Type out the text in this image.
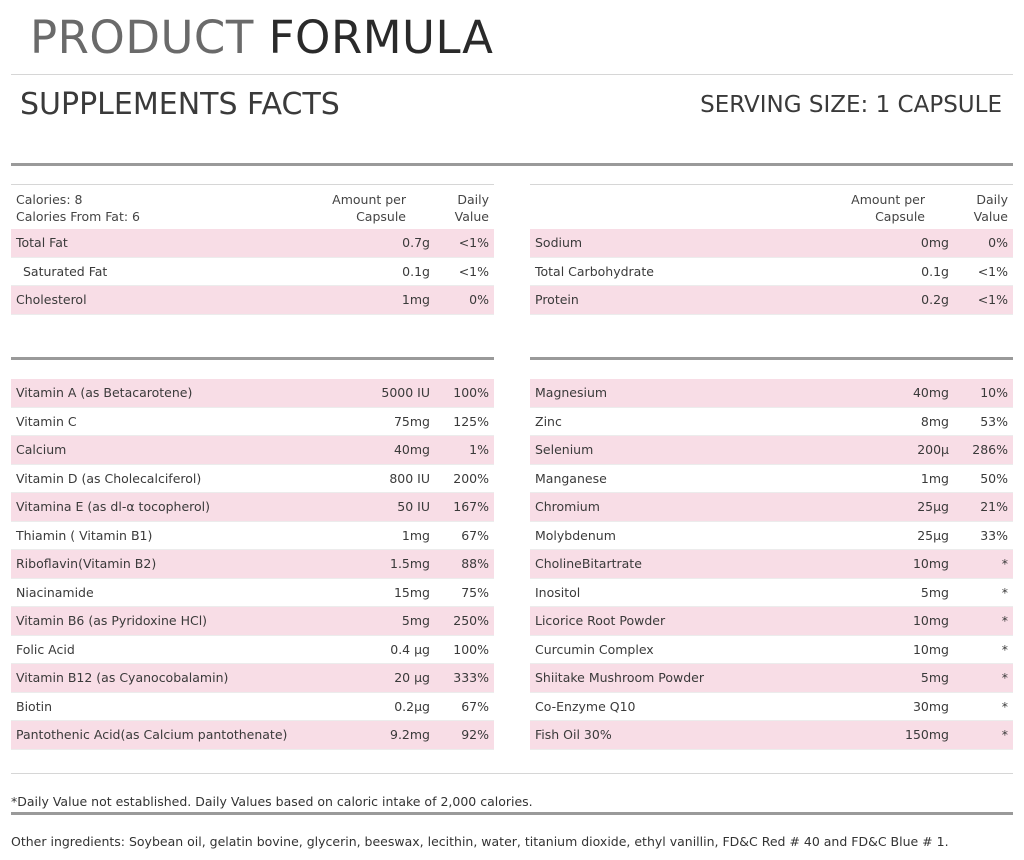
PRODUCT FORMULA
SUPPLEMENTS FACTS	SERVING SIZE: 1 CAPSULE
Calories: 8
Calories From Fat: 6
Amount per
Capsule
Daily
Value
Total Fat	0.7g <1%
Saturated Fat	0.1g <1%
Cholesterol	1mg	0%
Amount per
Capsule
Daily
Value
Sodium	0mg	0%
Total Carbohydrate	0.1g <1%
Protein	0.2g <1%
Vitamin A (as Betacarotene)	5000 IU 100%
Vitamin C	75mg 125%
Calcium	40mg	1%
Vitamin D (as Cholecalciferol)	800 IU 200%
Vitamina E (as dl-α tocopherol)	50 IU 167%
Thiamin ( Vitamin B1)	1mg 67%
Riboflavin(Vitamin B2)	1.5mg 88%
Niacinamide	15mg 75%
Vitamin B6 (as Pyridoxine HCl)	5mg 250%
Folic Acid	0.4 µg 100%
Vitamin B12 (as Cyanocobalamin)	20 µg 333%
Biotin	0.2µg 67%
Pantothenic Acid(as Calcium pantothenate)	9.2mg 92%
Magnesium	40mg 10%
Zinc	8mg 53%
Selenium	200µ 286%
Manganese	1mg 50%
Chromium	25µg 21%
Molybdenum	25µg 33%
CholineBitartrate	10mg	*
Inositol	5mg	*
Licorice Root Powder	10mg	*
Curcumin Complex	10mg	*
Shiitake Mushroom Powder	5mg	*
Co-Enzyme Q10	30mg	*
Fish Oil 30%	150mg	*
*Daily Value not established. Daily Values based on caloric intake of 2,000 calories.
Other ingredients: Soybean oil, gelatin bovine, glycerin, beeswax, lecithin, water, titanium dioxide, ethyl vanillin, FD&C Red # 40 and FD&C Blue # 1.
